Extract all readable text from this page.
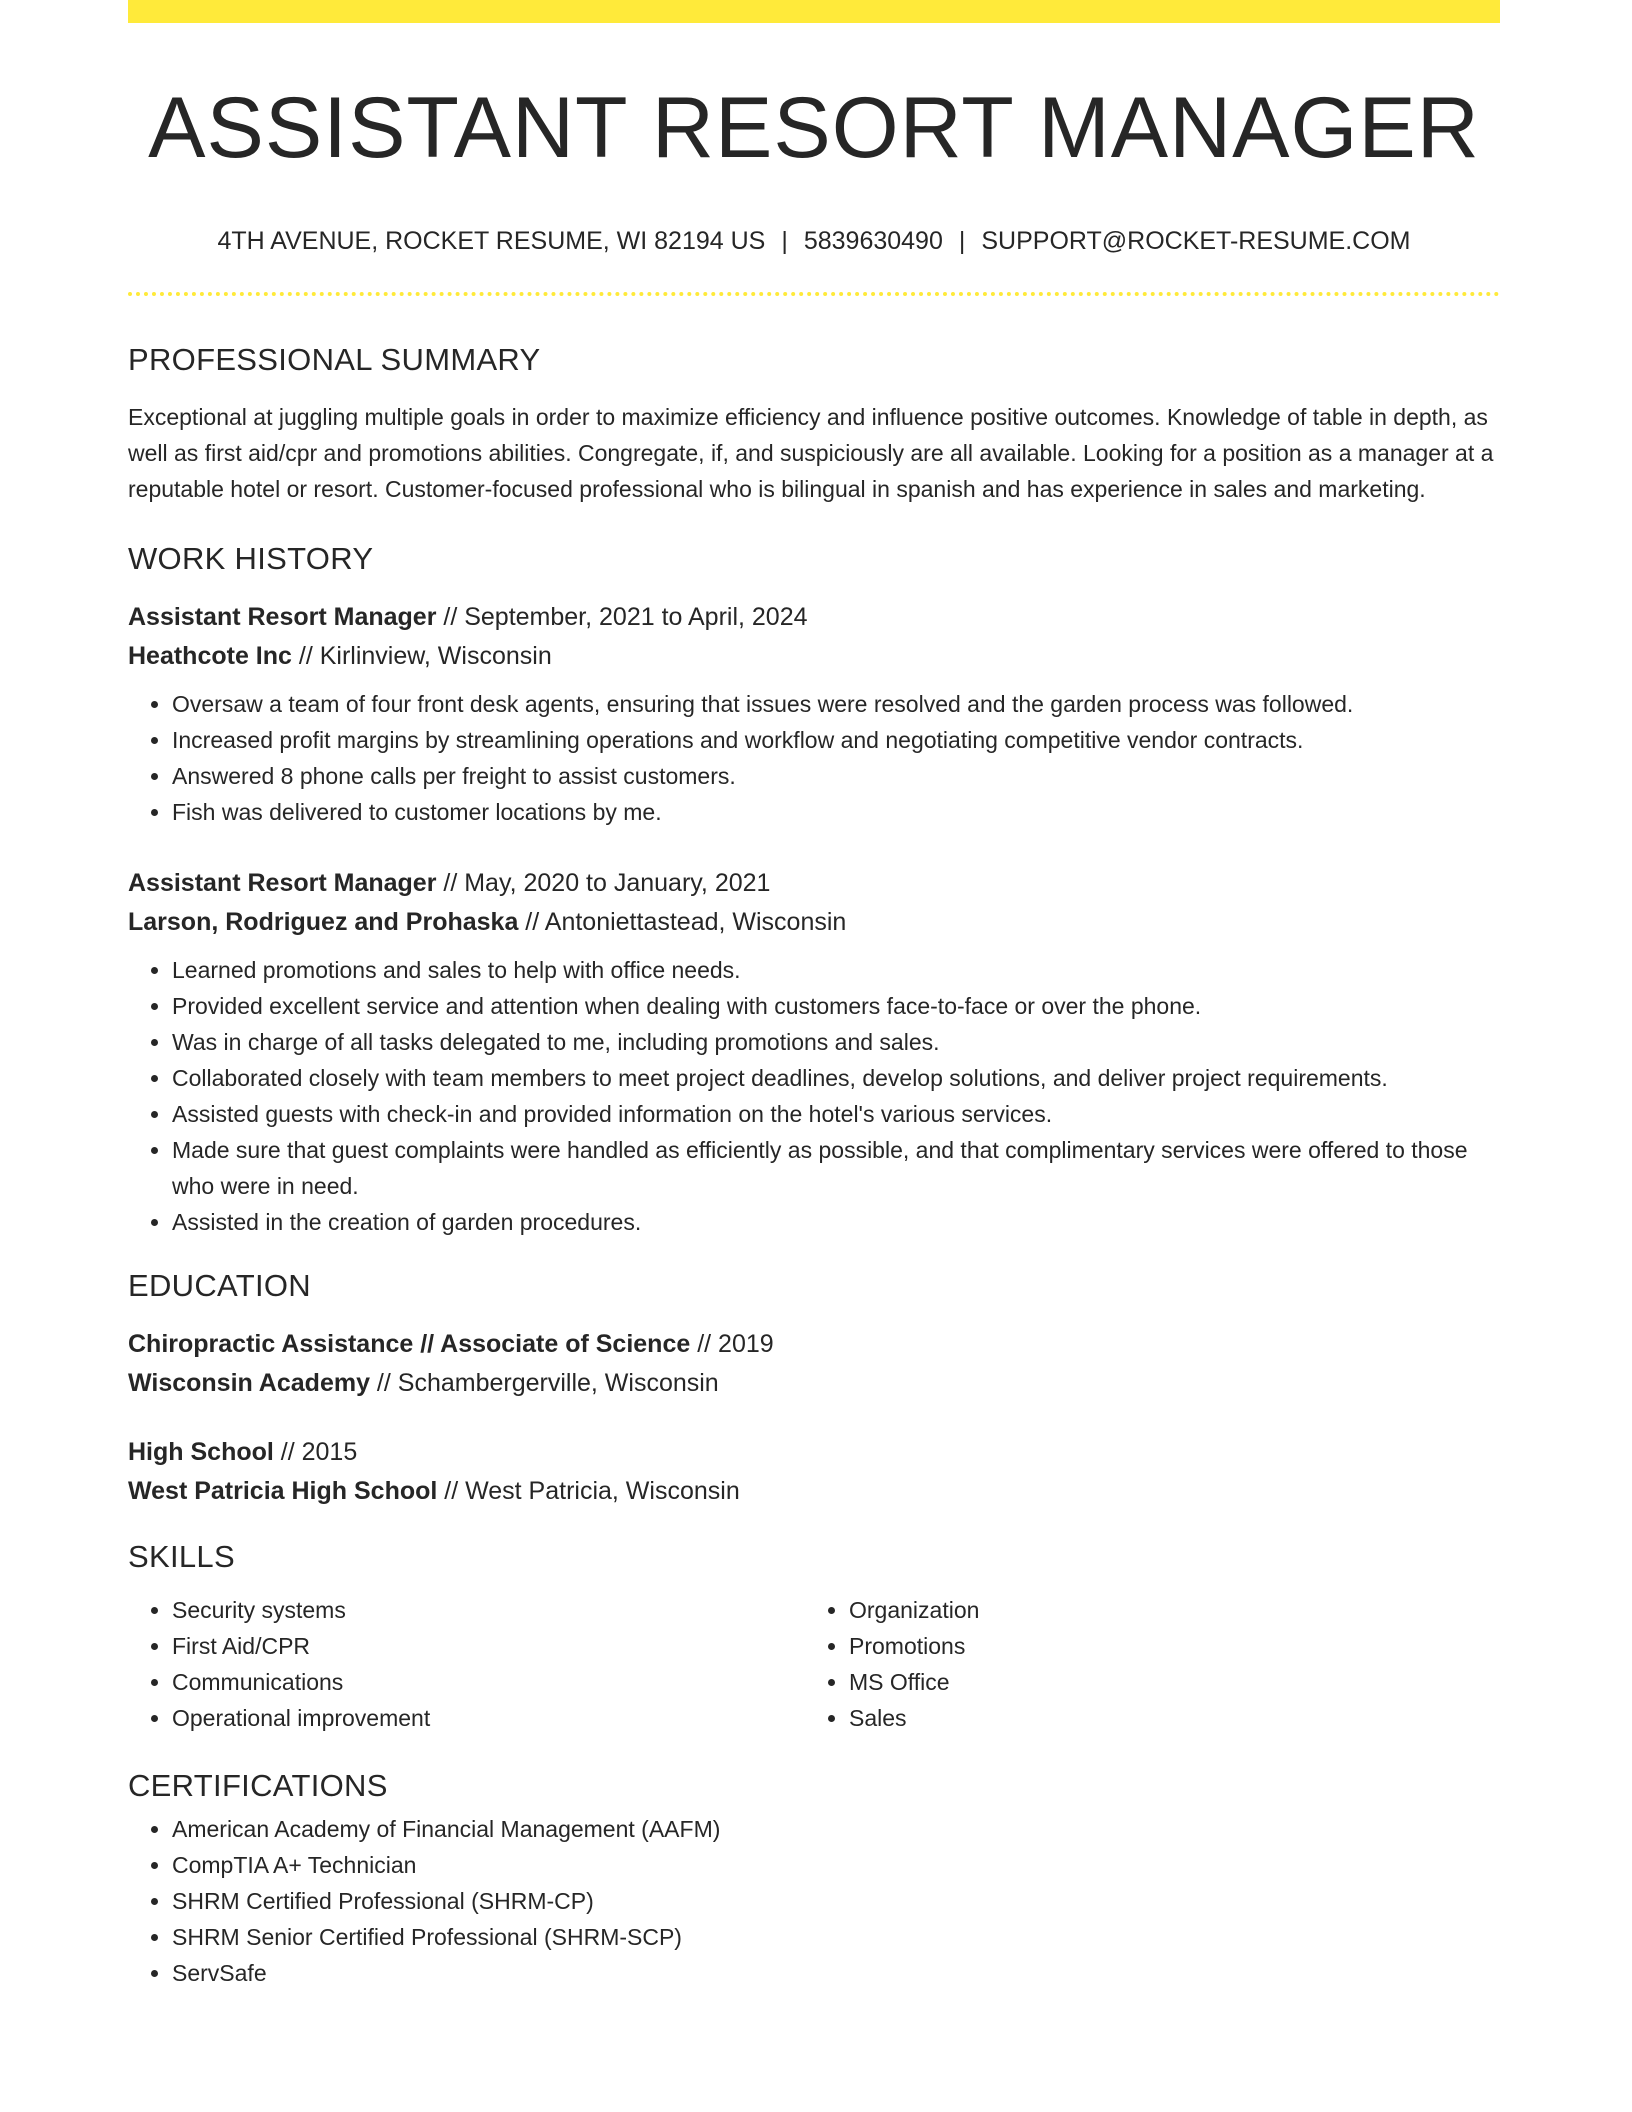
ASSISTANT RESORT MANAGER
4TH AVENUE, ROCKET RESUME, WI 82194 US | 5839630490 | SUPPORT@ROCKET-RESUME.COM
PROFESSIONAL SUMMARY
Exceptional at juggling multiple goals in order to maximize efficiency and influence positive outcomes. Knowledge of table in depth, as well as first aid/cpr and promotions abilities. Congregate, if, and suspiciously are all available. Looking for a position as a manager at a reputable hotel or resort. Customer-focused professional who is bilingual in spanish and has experience in sales and marketing.
WORK HISTORY
Assistant Resort Manager // September, 2021 to April, 2024
Heathcote Inc // Kirlinview, Wisconsin
• Oversaw a team of four front desk agents, ensuring that issues were resolved and the garden process was followed.
• Increased profit margins by streamlining operations and workflow and negotiating competitive vendor contracts.
• Answered 8 phone calls per freight to assist customers.
• Fish was delivered to customer locations by me.
Assistant Resort Manager // May, 2020 to January, 2021
Larson, Rodriguez and Prohaska // Antoniettastead, Wisconsin
• Learned promotions and sales to help with office needs.
• Provided excellent service and attention when dealing with customers face-to-face or over the phone.
• Was in charge of all tasks delegated to me, including promotions and sales.
• Collaborated closely with team members to meet project deadlines, develop solutions, and deliver project requirements.
• Assisted guests with check-in and provided information on the hotel's various services.
• Made sure that guest complaints were handled as efficiently as possible, and that complimentary services were offered to those who were in need.
• Assisted in the creation of garden procedures.
EDUCATION
Chiropractic Assistance // Associate of Science // 2019
Wisconsin Academy // Schambergerville, Wisconsin
High School // 2015
West Patricia High School // West Patricia, Wisconsin
SKILLS
• Security systems
• First Aid/CPR
• Communications
• Operational improvement
• Organization
• Promotions
• MS Office
• Sales
CERTIFICATIONS
• American Academy of Financial Management (AAFM)
• CompTIA A+ Technician
• SHRM Certified Professional (SHRM-CP)
• SHRM Senior Certified Professional (SHRM-SCP)
• ServSafe
